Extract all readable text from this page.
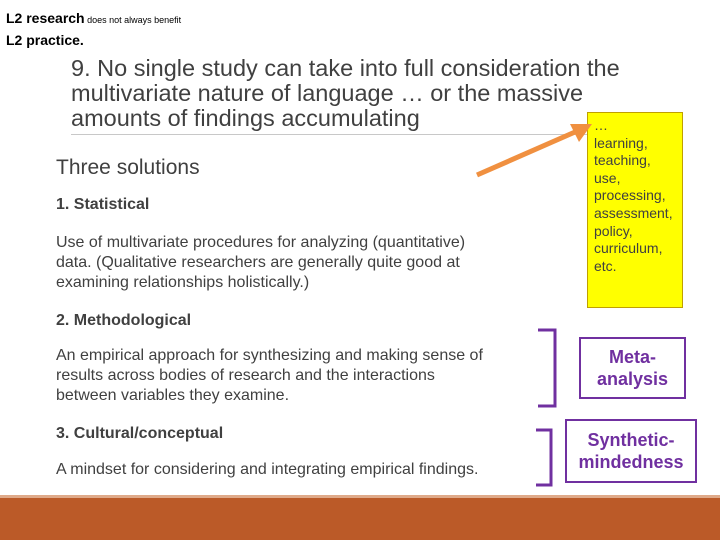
L2 research does not always benefit
L2 practice.
9. No single study can take into full consideration the
multivariate nature of language … or the massive
amounts of findings accumulating	…
learning,
teaching,
use,
processing,
assessment,
policy,
curriculum,
etc.
Three solutions
1. Statistical
Use of multivariate procedures for analyzing (quantitative)
data. (Qualitative researchers are generally quite good at
examining relationships holistically.)
2. Methodological
An empirical approach for synthesizing and making sense of
results across bodies of research and the interactions
between variables they examine.
3. Cultural/conceptual
A mindset for considering and integrating empirical findings.
Meta-
analysis
Synthetic-
mindedness
